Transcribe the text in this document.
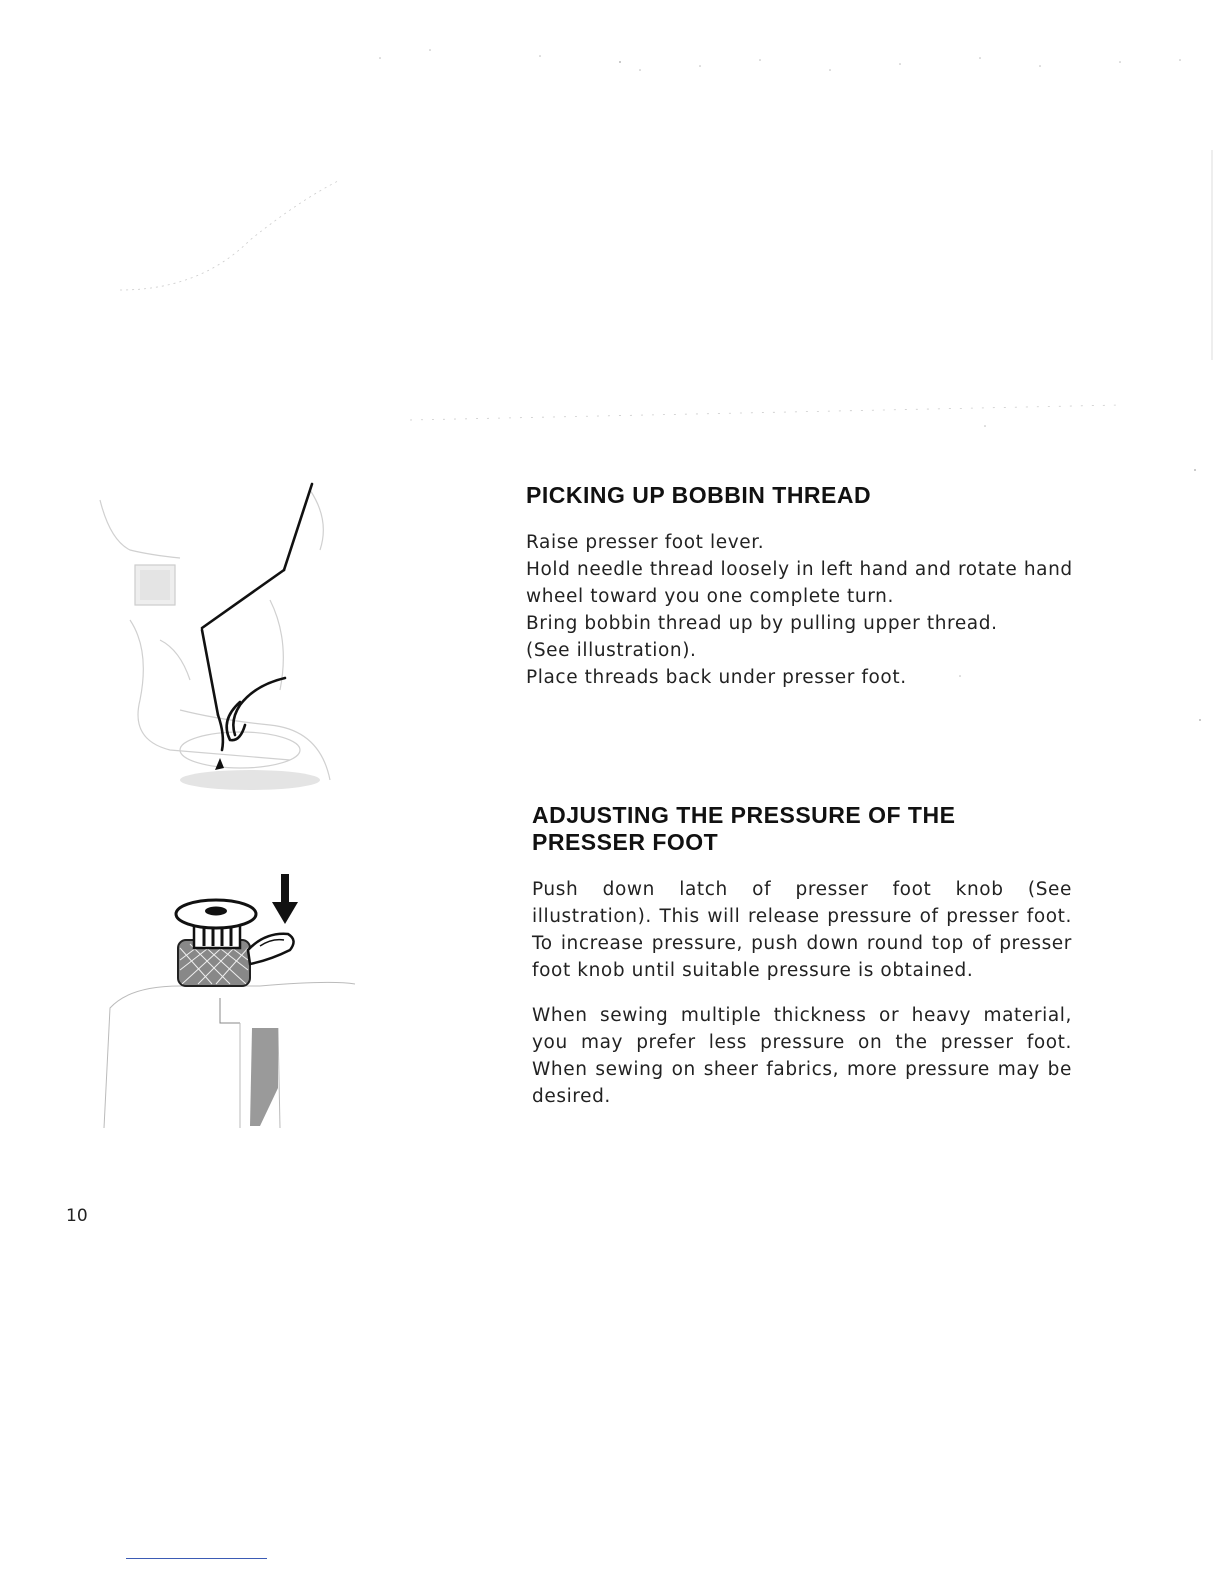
PICKING UP BOBBIN THREAD

Raise presser foot lever.

Hold needle thread loosely in left hand and rotate hand wheel toward you one complete turn.

Bring bobbin thread up by pulling upper thread.

(See illustration).

Place threads back under presser foot.

ADJUSTING THE PRESSURE OF THE
PRESSER FOOT

Push down latch of presser foot knob (See illustration). This will release pressure of presser foot. To increase pressure, push down round top of presser foot knob until suitable pressure is obtained.

When sewing multiple thickness or heavy material, you may prefer less pressure on the presser foot. When sewing on sheer fabrics, more pressure may be desired.

10
